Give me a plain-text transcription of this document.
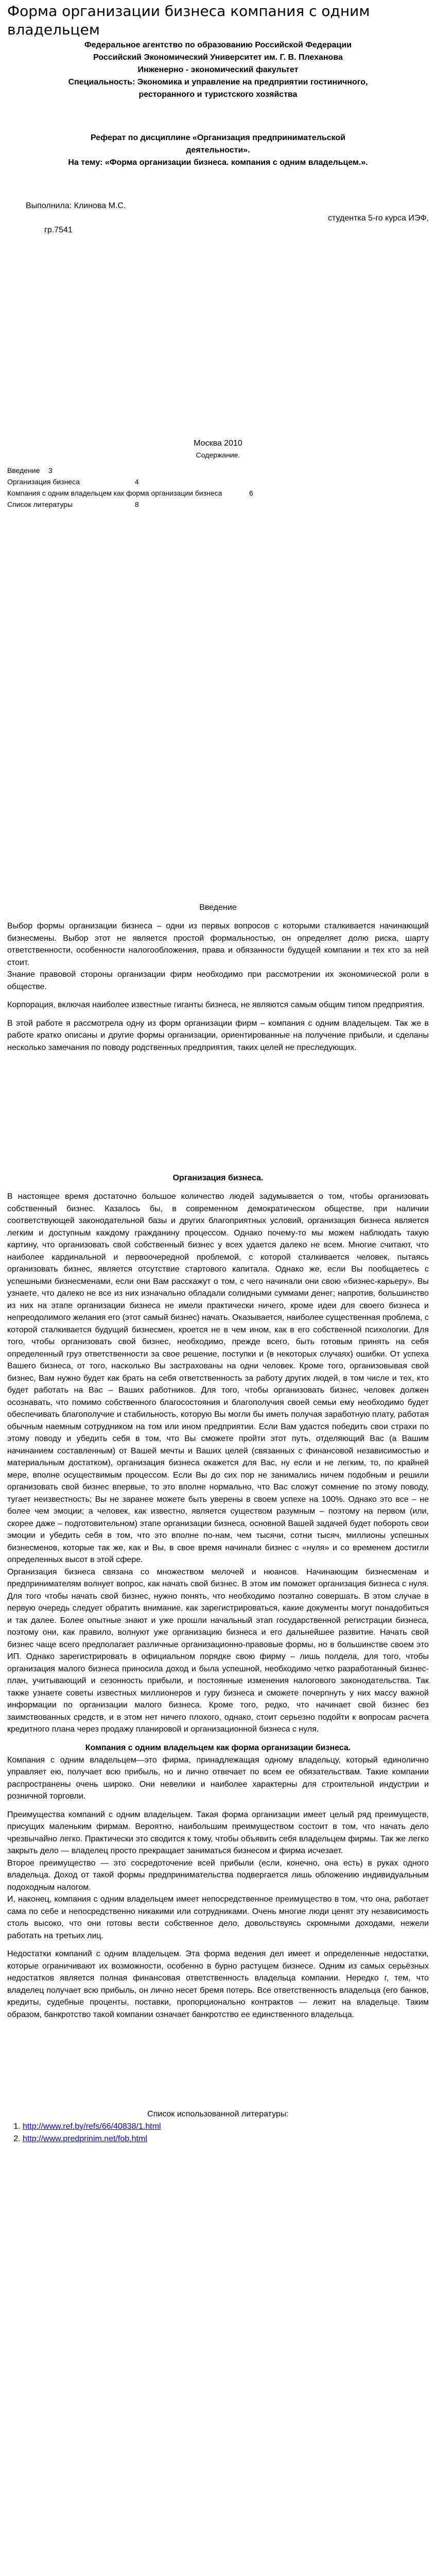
Форма организации бизнеса компания с одним владельцем

Федеральное агентство по образованию Российской Федерации

Российский Экономический Университет им. Г. В. Плеханова

Инженерно - экономический факультет

Специальность: Экономика и управление на предприятии гостиничного,

ресторанного и туристского хозяйства

Реферат по дисциплине «Организация предпринимательской

деятельности».

На тему: «Форма организации бизнеса. компания с одним владельцем.».

Выполнила: Клинова М.С.

студентка 5-го курса ИЭФ,

гр.7541

Москва 2010

Содержание.

Введение	3
Организация бизнеса	4
Компания с одним владельцем как форма организации бизнеса	6
Список литературы	8

Введение

Выбор формы организации бизнеса – одни из первых вопросов с которыми сталкивается начинающий бизнесмены. Выбор этот не является простой формальностью, он определяет долю риска, шарту ответственности, особенности налогообложения, права и обязанности будущей компании и тех кто за ней стоит.

Знание правовой стороны организации фирм необходимо при рассмотрении их экономической роли в обществе.

Корпорация, включая наиболее известные гиганты бизнеса, не являются самым общим типом предприятия.

В этой работе я рассмотрела одну из форм организации фирм – компания с одним владельцем. Так же в работе кратко описаны и другие формы организации, ориентированные на получение прибыли, и сделаны несколько замечания по поводу родственных предприятия, таких целей не преследующих.

Организация бизнеса.

В настоящее время достаточно большое количество людей задумывается о том, чтобы организовать собственный бизнес. Казалось бы, в современном демократическом обществе, при наличии соответствующей законодательной базы и других благоприятных условий, организация бизнеса является легким и доступным каждому гражданину процессом. Однако почему-то мы можем наблюдать такую картину, что организовать свой собственный бизнес у всех удается далеко не всем. Многие считают, что наиболее кардинальной и первоочередной проблемой, с которой сталкивается человек, пытаясь организовать бизнес, является отсутствие стартового капитала. Однако же, если Вы пообщаетесь с успешными бизнесменами, если они Вам расскажут о том, с чего начинали они свою «бизнес-карьеру». Вы узнаете, что далеко не все из них изначально обладали солидными суммами денег; напротив, большинство из них на этапе организации бизнеса не имели практически ничего, кроме идеи для своего бизнеса и непреодолимого желания его (этот самый бизнес) начать. Оказывается, наиболее существенная проблема, с которой сталкивается будущий бизнесмен, кроется не в чем ином, как в его собственной психологии. Для того, чтобы организовать свой бизнес, необходимо, прежде всего, быть готовым принять на себя определенный груз ответственности за свое решение, поступки и (в некоторых случаях) ошибки. От успеха Вашего бизнеса, от того, насколько Вы застрахованы на одни человек. Кроме того, организовывая свой бизнес, Вам нужно будет как брать на себя ответственность за работу других людей, в том числе и тех, кто будет работать на Вас – Ваших работников. Для того, чтобы организовать бизнес, человек должен осознавать, что помимо собственного благосостояния и благополучия своей семьи ему необходимо будет обеспечивать благополучие и стабильность, которую Вы могли бы иметь получая заработную плату, работая обычным наемным сотрудником на том или ином предприятии. Если Вам удастся победить свои страхи по этому поводу и убедить себя в том, что Вы сможете пройти этот путь, отделяющий Вас (а Вашим начинанием составленным) от Вашей мечты и Ваших целей (связанных с финансовой независимостью и материальным достатком), организация бизнеса окажется для Вас, ну если и не легким, то, по крайней мере, вполне осуществимым процессом. Если Вы до сих пор не занимались ничем подобным и решили организовать свой бизнес впервые, то это вполне нормально, что Вас сложут сомнение по этому поводу, тугает неизвестность; Вы не заранее можете быть уверены в своем успехе на 100%. Однако это все – не более чем эмоции; а человек, как известно, является существом разумным – поэтому на первом (или, скорее даже – подготовительном) этапе организации бизнеса, основной Вашей задачей будет побороть свои эмоции и убедить себя в том, что это вполне по-нам, чем тысячи, сотни тысяч, миллионы успешных бизнесменов, которые так же, как и Вы, в свое время начинали бизнес с «нуля» и со временем достигли определенных высот в этой сфере.

Организация бизнеса связана со множеством мелочей и нюансов. Начинающим бизнесменам и предпринимателям волнует вопрос, как начать свой бизнес. В этом им поможет организация бизнеса с нуля. Для того чтобы начать свой бизнес, нужно понять, что необходимо поэтапно совершать. В этом случае в первую очередь следует обратить внимание, как зарегистрироваться, какие документы могут понадобиться и так далее. Более опытные знают и уже прошли начальный этап государственной регистрации бизнеса, поэтому они, как правило, волнуют уже организацию бизнеса и его дальнейшее развитие. Начать свой бизнес чаще всего предполагает различные организационно-правовые формы, но в большинстве своем это ИП. Однако зарегистрировать в официальном порядке свою фирму – лишь полдела, для того, чтобы организация малого бизнеса приносила доход и была успешной, необходимо четко разработанный бизнес-план, учитывающий и сезонность прибыли, и постоянные изменения налогового законодательства. Так также узнаете советы известных миллионеров и гуру бизнеса и сможете почерпнуть у них массу важной информации по организации малого бизнеса. Кроме того, редко, что начинает свой бизнес без заимствованных средств, и в этом нет ничего плохого, однако, стоит серьезно подойти к вопросам расчета кредитного плана через продажу планировой и организационной бизнеса с нуля.

Компания с одним владельцем как форма организации бизнеса.

Компания с одним владельцем—это фирма, принадлежащая одному владельцу, который единолично управляет ею, получает всю прибыль, но и лично отвечает по всем ее обязательствам. Такие компании распространены очень широко. Они невелики и наиболее характерны для строительной индустрии и розничной торговли.

Преимущества компаний с одним владельцем. Такая форма организации имеет целый ряд преимуществ, присущих маленьким фирмам. Вероятно, наибольшим преимуществом состоит в том, что начать дело чрезвычайно легко. Практически это сводится к тому, чтобы объявить себя владельцем фирмы. Так же легко закрыть дело — владелец просто прекращает заниматься бизнесом и фирма исчезает.

Второе преимущество — это сосредоточение всей прибыли (если, конечно, она есть) в руках одного владельца. Доход от такой формы предпринимательства подвергается лишь обложению индивидуальным подоходным налогом.

И, наконец, компания с одним владельцем имеет непосредственное преимущество в том, что она, работает сама по себе и непосредственно никакими или сотрудниками. Очень многие люди ценят эту независимость столь высоко, что они готовы вести собственное дело, довольствуясь скромными доходами, нежели работать на третьих лиц.

Недостатки компаний с одним владельцем. Эта форма ведения дел имеет и определенные недостатки, которые ограничивают их возможности, особенно в бурно растущем бизнесе. Одним из самых серьёзных недостатков является полная финансовая ответственность владельца компании. Нередко г, тем, что владелец получает всю прибыль, он лично несет бремя потерь. Все ответственность владельца (его банков, кредиты, судебные проценты, поставки, пропорционально контрактов — лежит на владельце. Таким образом, банкротство такой компании означает банкротство ее единственного владельца.

Список использованной литературы:

1. http://www.ref.by/refs/66/40838/1.html
2. http://www.predprinim.net/fob.html
